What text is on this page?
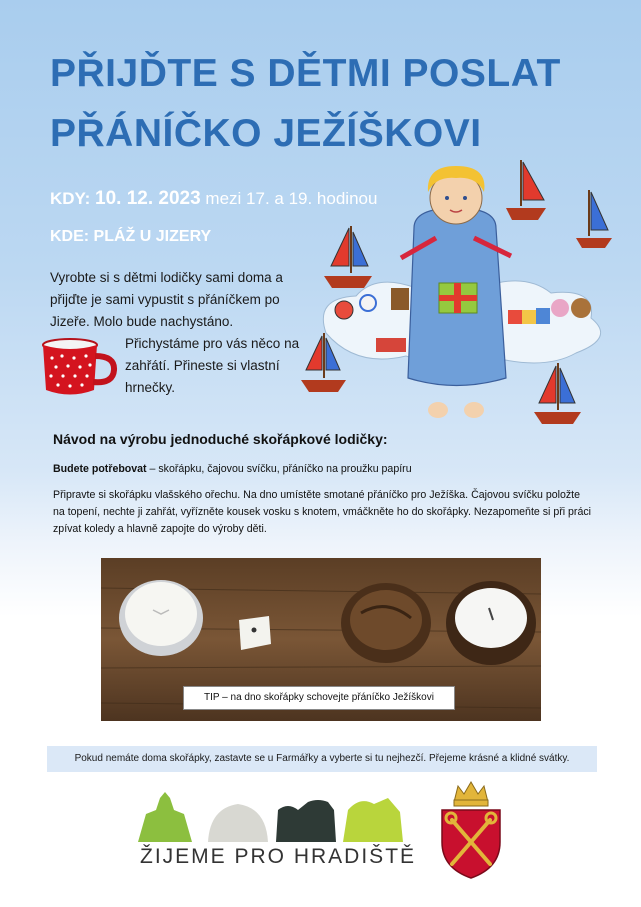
PŘIJĎTE S DĚTMI POSLAT
PŘÁNÍČKO JEŽÍŠKOVI
KDY: 10. 12. 2023 mezi 17. a 19. hodinou
KDE: PLÁŽ U JIZERY
Vyrobte si s dětmi lodičky sami doma a přijďte je sami vypustit s přáníčkem po Jizeře. Molo bude nachystáno.
Přichystáme pro vás něco na zahřátí. Přineste si vlastní hrnečky.
Návod na výrobu jednoduché skořápkové lodičky:
Budete potřebovat – skořápku, čajovou svíčku, přáníčko na proužku papíru
Připravte si skořápku vlašského ořechu. Na dno umístěte smotané přáníčko pro Ježíška. Čajovou svíčku položte na topení, nechte ji zahřát, vyřízněte kousek vosku s knotem, vmáčkněte ho do skořápky. Nezapomeňte si při práci zpívat koledy a hlavně zapojte do výroby děti.
TIP – na dno skořápky schovejte přáníčko Ježíškovi
Pokud nemáte doma skořápky, zastavte se u Farmářky a vyberte si tu nejhezčí. Přejeme krásné a klidné svátky.
ŽIJEME PRO HRADIŠTĚ
